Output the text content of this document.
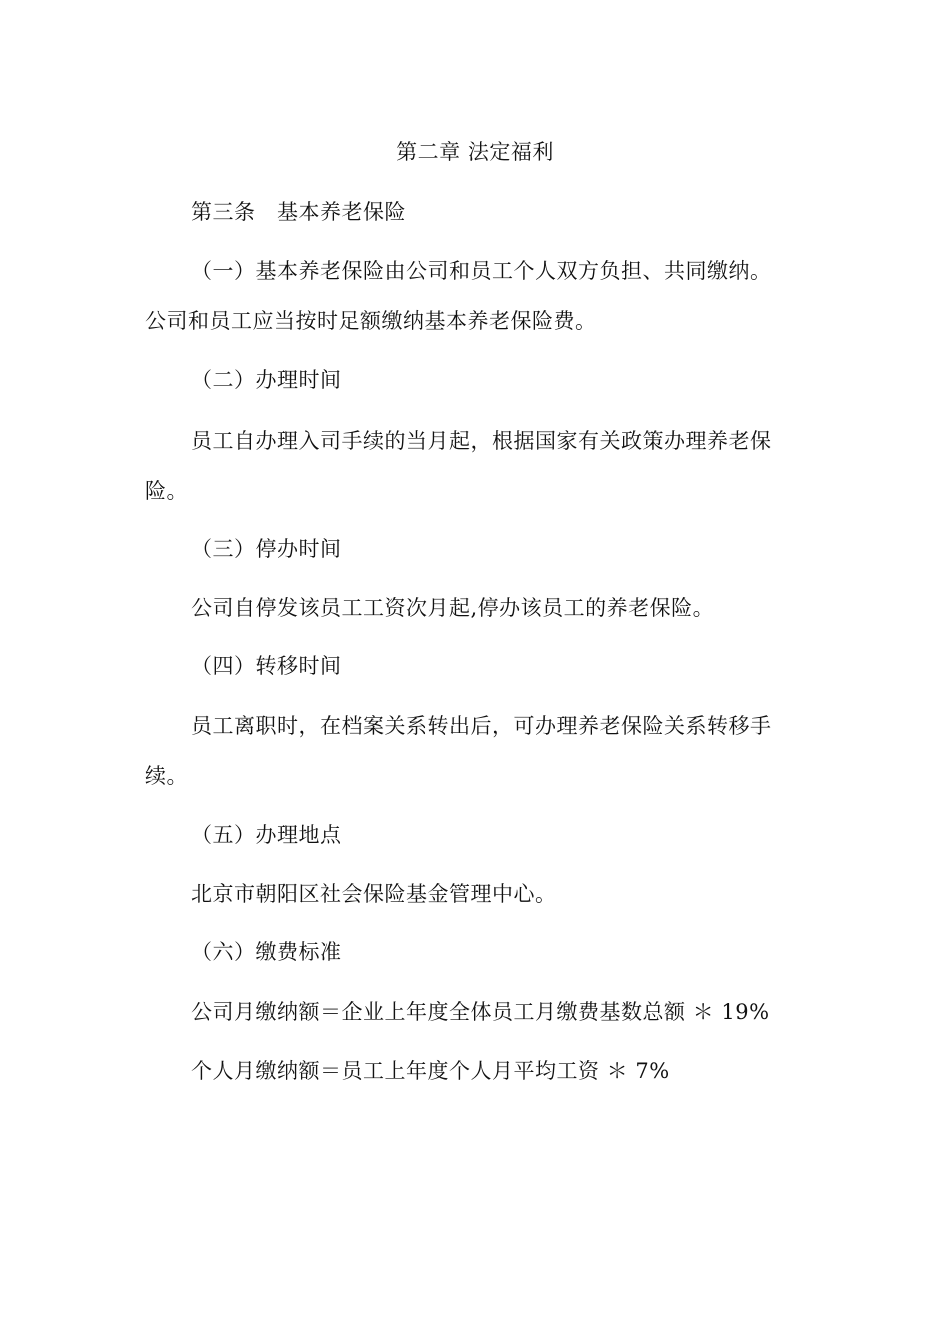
第二章 法定福利
第三条　基本养老保险
（一）基本养老保险由公司和员工个人双方负担、共同缴纳。
公司和员工应当按时足额缴纳基本养老保险费。
（二）办理时间
员工自办理入司手续的当月起，根据国家有关政策办理养老保
险。
（三）停办时间
公司自停发该员工工资次月起,停办该员工的养老保险。
（四）转移时间
员工离职时，在档案关系转出后，可办理养老保险关系转移手
续。
（五）办理地点
北京市朝阳区社会保险基金管理中心。
（六）缴费标准
公司月缴纳额＝企业上年度全体员工月缴费基数总额 ＊ 19%
个人月缴纳额＝员工上年度个人月平均工资 ＊ 7%
